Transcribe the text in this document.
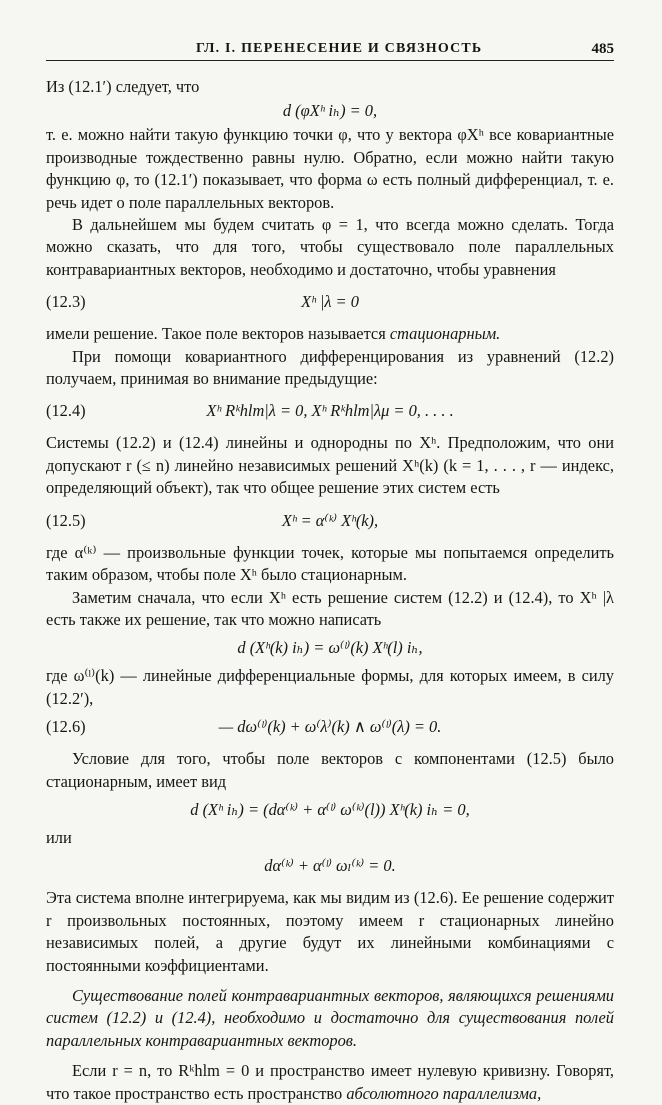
ГЛ. I. ПЕРЕНЕСЕНИЕ И СВЯЗНОСТЬ	485

Из (12.1′) следует, что

d (φXʰ iₕ) = 0,

т. е. можно найти такую функцию точки φ, что у вектора φXʰ все ковариантные производные тождественно равны нулю. Обратно, если можно найти такую функцию φ, то (12.1′) показывает, что форма ω есть полный дифференциал, т. е. речь идет о поле параллельных векторов.

В дальнейшем мы будем считать φ = 1, что всегда можно сделать. Тогда можно сказать, что для того, чтобы существовало поле параллельных контравариантных векторов, необходимо и достаточно, чтобы уравнения

(12.3)	Xʰ |λ = 0

имели решение. Такое поле векторов называется стационарным.

При помощи ковариантного дифференцирования из уравнений (12.2) получаем, принимая во внимание предыдущие:

(12.4)	Xʰ Rᵏhlm|λ = 0, Xʰ Rᵏhlm|λμ = 0, . . . .

Системы (12.2) и (12.4) линейны и однородны по Xʰ. Предположим, что они допускают r (≤ n) линейно независимых решений Xʰ(k) (k = 1, . . . , r — индекс, определяющий объект), так что общее решение этих систем есть

(12.5)	Xʰ = α⁽ᵏ⁾ Xʰ(k),

где α⁽ᵏ⁾ — произвольные функции точек, которые мы попытаемся определить таким образом, чтобы поле Xʰ было стационарным.

Заметим сначала, что если Xʰ есть решение систем (12.2) и (12.4), то Xʰ |λ есть также их решение, так что можно написать

d (Xʰ(k) iₕ) = ω⁽ˡ⁾(k) Xʰ(l) iₕ,

где ω⁽ˡ⁾(k) — линейные дифференциальные формы, для которых имеем, в силу (12.2′),

(12.6)	— dω⁽ˡ⁾(k) + ω⁽λ⁾(k) ∧ ω⁽ˡ⁾(λ) = 0.

Условие для того, чтобы поле векторов с компонентами (12.5) было стационарным, имеет вид

d (Xʰ iₕ) = (dα⁽ᵏ⁾ + α⁽ˡ⁾ ω⁽ᵏ⁾(l)) Xʰ(k) iₕ = 0,

или

dα⁽ᵏ⁾ + α⁽ˡ⁾ ωₗ⁽ᵏ⁾ = 0.

Эта система вполне интегрируема, как мы видим из (12.6). Ее решение содержит r произвольных постоянных, поэтому имеем r стационарных линейно независимых полей, а другие будут их линейными комбинациями с постоянными коэффициентами.

Существование полей контравариантных векторов, являющихся решениями систем (12.2) и (12.4), необходимо и достаточно для существования полей параллельных контравариантных векторов.

Если r = n, то Rᵏhlm = 0 и пространство имеет нулевую кривизну. Говорят, что такое пространство есть пространство абсолютного параллелизма,
